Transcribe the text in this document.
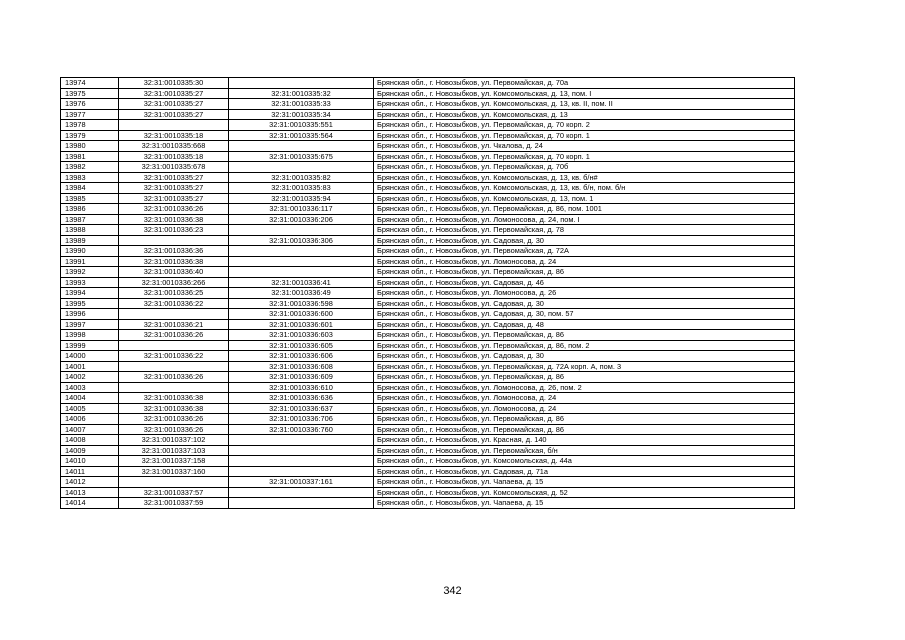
13974	32:31:0010335:30		Брянская обл., г. Новозыбков, ул. Первомайская, д. 70а
13975	32:31:0010335:27	32:31:0010335:32	Брянская обл., г. Новозыбков, ул. Комсомольская, д. 13, пом. I
13976	32:31:0010335:27	32:31:0010335:33	Брянская обл., г. Новозыбков, ул. Комсомольская, д. 13, кв. II, пом. II
13977	32:31:0010335:27	32:31:0010335:34	Брянская обл., г. Новозыбков, ул. Комсомольская, д. 13
13978		32:31:0010335:551	Брянская обл., г. Новозыбков, ул. Первомайская, д. 70 корп. 2
13979	32:31:0010335:18	32:31:0010335:564	Брянская обл., г. Новозыбков, ул. Первомайская, д. 70 корп. 1
13980	32:31:0010335:668		Брянская обл., г. Новозыбков, ул. Чкалова, д. 24
13981	32:31:0010335:18	32:31:0010335:675	Брянская обл., г. Новозыбков, ул. Первомайская, д. 70 корп. 1
13982	32:31:0010335:678		Брянская обл., г. Новозыбков, ул. Первомайская, д. 70б
13983	32:31:0010335:27	32:31:0010335:82	Брянская обл., г. Новозыбков, ул. Комсомольская, д. 13, кв. б/н#
13984	32:31:0010335:27	32:31:0010335:83	Брянская обл., г. Новозыбков, ул. Комсомольская, д. 13, кв. б/н, пом. б/н
13985	32:31:0010335:27	32:31:0010335:94	Брянская обл., г. Новозыбков, ул. Комсомольская, д. 13, пом. 1
13986	32:31:0010336:26	32:31:0010336:117	Брянская обл., г. Новозыбков, ул. Первомайская, д. 86, пом. 1001
13987	32:31:0010336:38	32:31:0010336:206	Брянская обл., г. Новозыбков, ул. Ломоносова, д. 24, пом. I
13988	32:31:0010336:23		Брянская обл., г. Новозыбков, ул. Первомайская, д. 78
13989		32:31:0010336:306	Брянская обл., г. Новозыбков, ул. Садовая, д. 30
13990	32:31:0010336:36		Брянская обл., г. Новозыбков, ул. Первомайская, д. 72А
13991	32:31:0010336:38		Брянская обл., г. Новозыбков, ул. Ломоносова, д. 24
13992	32:31:0010336:40		Брянская обл., г. Новозыбков, ул. Первомайская, д. 86
13993	32:31:0010336:266	32:31:0010336:41	Брянская обл., г. Новозыбков, ул. Садовая, д. 46
13994	32:31:0010336:25	32:31:0010336:49	Брянская обл., г. Новозыбков, ул. Ломоносова, д. 26
13995	32:31:0010336:22	32:31:0010336:598	Брянская обл., г. Новозыбков, ул. Садовая, д. 30
13996		32:31:0010336:600	Брянская обл., г. Новозыбков, ул. Садовая, д. 30, пом. 57
13997	32:31:0010336:21	32:31:0010336:601	Брянская обл., г. Новозыбков, ул. Садовая, д. 48
13998	32:31:0010336:26	32:31:0010336:603	Брянская обл., г. Новозыбков, ул. Первомайская, д. 86
13999		32:31:0010336:605	Брянская обл., г. Новозыбков, ул. Первомайская, д. 86, пом. 2
14000	32:31:0010336:22	32:31:0010336:606	Брянская обл., г. Новозыбков, ул. Садовая, д. 30
14001		32:31:0010336:608	Брянская обл., г. Новозыбков, ул. Первомайская, д. 72А корп. А, пом. 3
14002	32:31:0010336:26	32:31:0010336:609	Брянская обл., г. Новозыбков, ул. Первомайская, д. 86
14003		32:31:0010336:610	Брянская обл., г. Новозыбков, ул. Ломоносова, д. 26, пом. 2
14004	32:31:0010336:38	32:31:0010336:636	Брянская обл., г. Новозыбков, ул. Ломоносова, д. 24
14005	32:31:0010336:38	32:31:0010336:637	Брянская обл., г. Новозыбков, ул. Ломоносова, д. 24
14006	32:31:0010336:26	32:31:0010336:706	Брянская обл., г. Новозыбков, ул. Первомайская, д. 86
14007	32:31:0010336:26	32:31:0010336:760	Брянская обл., г. Новозыбков, ул. Первомайская, д. 86
14008	32:31:0010337:102		Брянская обл., г. Новозыбков, ул. Красная, д. 140
14009	32:31:0010337:103		Брянская обл., г. Новозыбков, ул. Первомайская, б/н
14010	32:31:0010337:158		Брянская обл., г. Новозыбков, ул. Комсомольская, д. 44а
14011	32:31:0010337:160		Брянская обл., г. Новозыбков, ул. Садовая, д. 71а
14012		32:31:0010337:161	Брянская обл., г. Новозыбков, ул. Чапаева, д. 15
14013	32:31:0010337:57		Брянская обл., г. Новозыбков, ул. Комсомольская, д. 52
14014	32:31:0010337:59		Брянская обл., г. Новозыбков, ул. Чапаева, д. 15
342
